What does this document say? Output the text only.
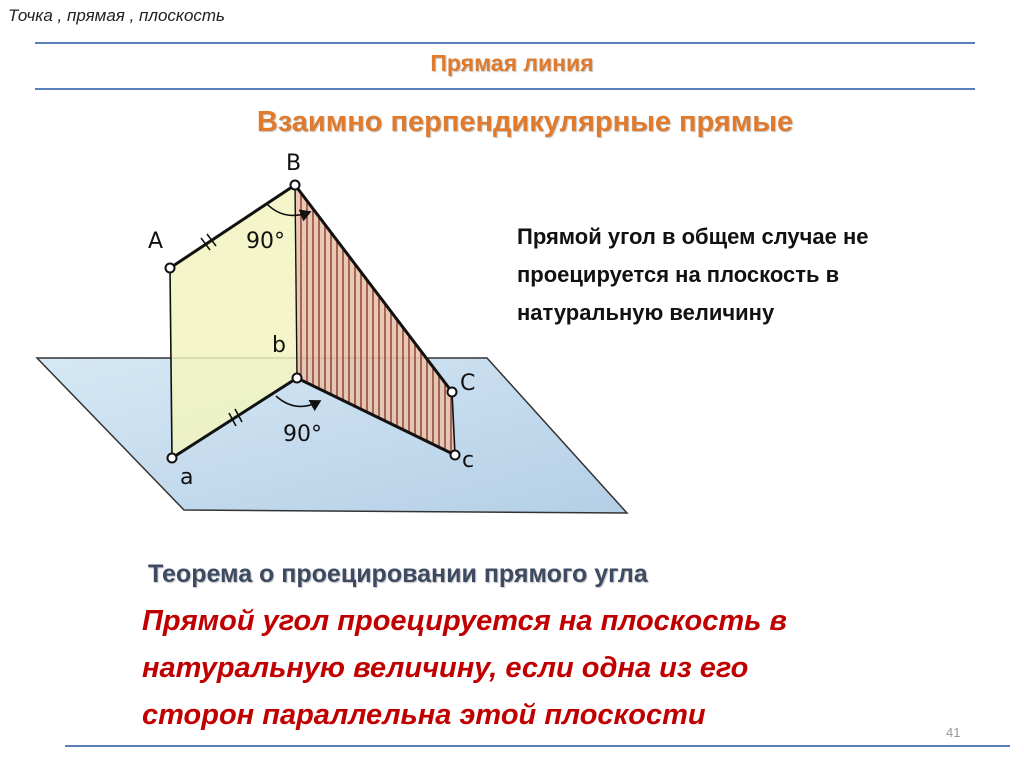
Точка , прямая , плоскость
Прямая линия
Взаимно перпендикулярные прямые
A
B
C
a
b
c
90°
90°
Прямой угол в общем случае не
проецируется на плоскость в
натуральную величину
Теорема о проецировании прямого угла
Прямой угол проецируется на плоскость в
натуральную величину, если одна из его
сторон параллельна этой плоскости
41
